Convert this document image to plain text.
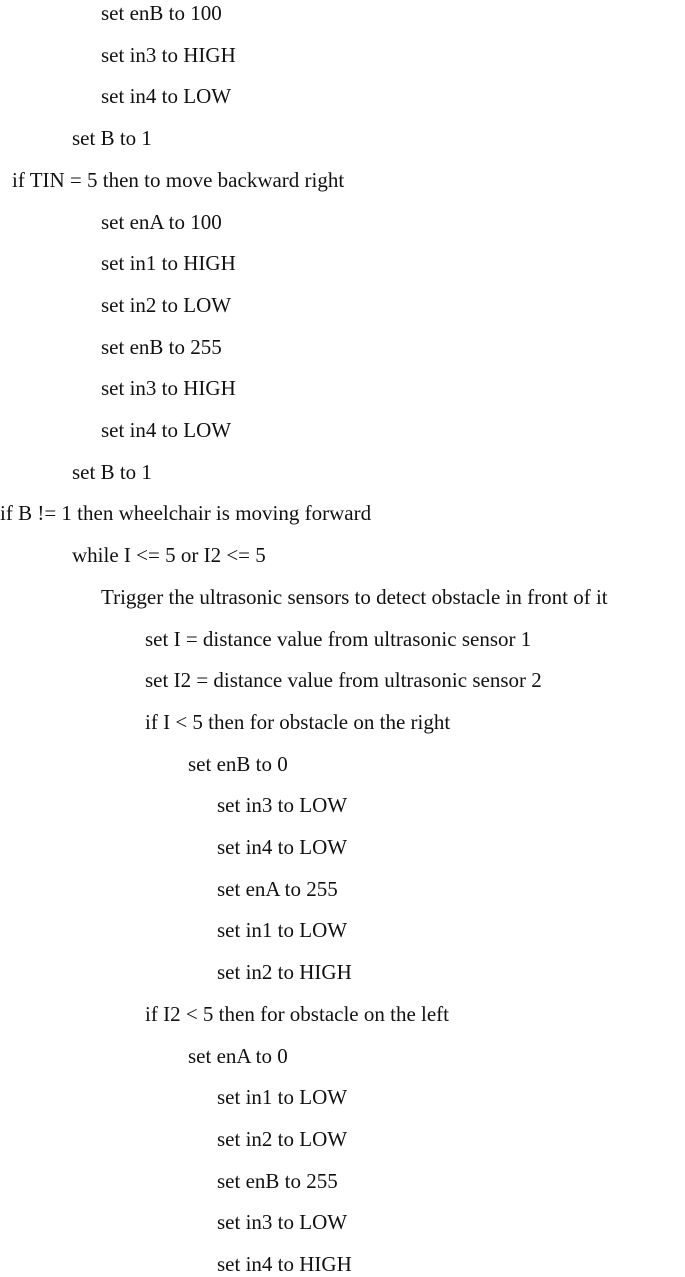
set enB to 100
set in3 to HIGH
set in4 to LOW
set B to 1
if TIN = 5 then to move backward right
set enA to 100
set in1 to HIGH
set in2 to LOW
set enB to 255
set in3 to HIGH
set in4 to LOW
set B to 1
if B != 1 then wheelchair is moving forward
while I <= 5 or I2 <= 5
Trigger the ultrasonic sensors to detect obstacle in front of it
set I = distance value from ultrasonic sensor 1
set I2 = distance value from ultrasonic sensor 2
if I < 5 then for obstacle on the right
set enB to 0
set in3 to LOW
set in4 to LOW
set enA to 255
set in1 to LOW
set in2 to HIGH
if I2 < 5 then for obstacle on the left
set enA to 0
set in1 to LOW
set in2 to LOW
set enB to 255
set in3 to LOW
set in4 to HIGH
